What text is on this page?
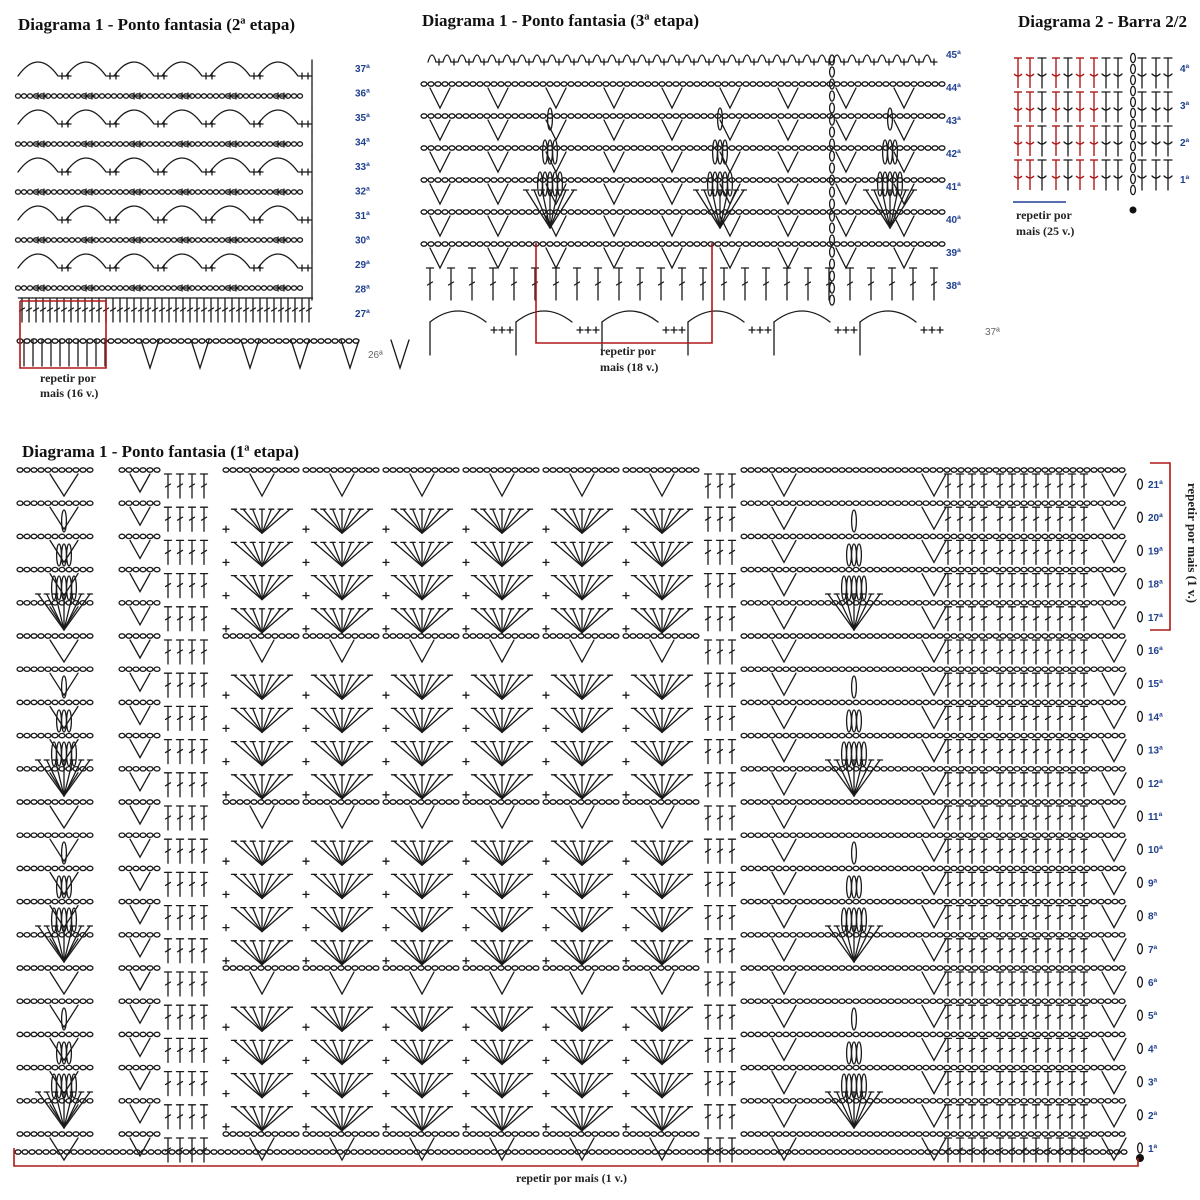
Diagrama 1 - Ponto fantasia (2ª etapa)
37ª
36ª
35ª
34ª
33ª
32ª
31ª
30ª
29ª
28ª
27ª
26ª
repetir por
mais (16 v.)
Diagrama 1 - Ponto fantasia (3ª etapa)
45ª
44ª
43ª
42ª
41ª
40ª
39ª
38ª
37ª
repetir por
mais (18 v.)
Diagrama 2 - Barra 2/2
4ª
3ª
2ª
1ª
repetir por
mais (25 v.)
Diagrama 1 - Ponto fantasia (1ª etapa)
21ª
20ª
19ª
18ª
17ª
16ª
15ª
14ª
13ª
12ª
11ª
10ª
9ª
8ª
7ª
6ª
5ª
4ª
3ª
2ª
1ª
repetir por mais (1 v.)
repetir por mais (1 v.)
